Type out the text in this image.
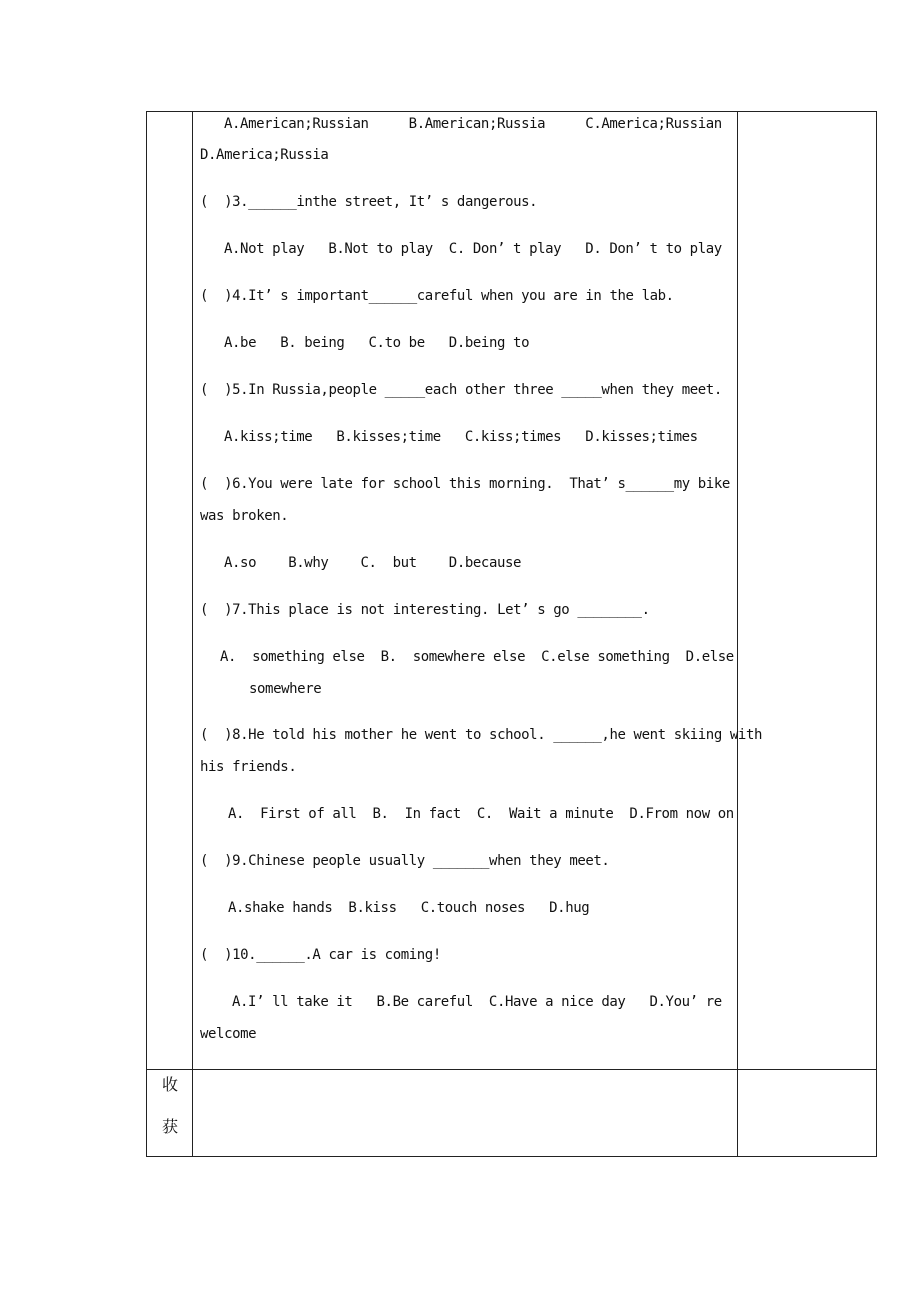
A.American;Russian     B.American;Russia     C.America;Russian
D.America;Russia
(  )3.______inthe street, It’ s dangerous.
A.Not play   B.Not to play  C. Don’ t play   D. Don’ t to play
(  )4.It’ s important______careful when you are in the lab.
A.be   B. being   C.to be   D.being to
(  )5.In Russia,people _____each other three _____when they meet.
A.kiss;time   B.kisses;time   C.kiss;times   D.kisses;times
(  )6.You were late for school this morning.  That’ s______my bike
was broken.
A.so    B.why    C.  but    D.because
(  )7.This place is not interesting. Let’ s go ________.
A.  something else  B.  somewhere else  C.else something  D.else
somewhere
(  )8.He told his mother he went to school. ______,he went skiing with
his friends.
A.  First of all  B.  In fact  C.  Wait a minute  D.From now on
(  )9.Chinese people usually _______when they meet.
A.shake hands  B.kiss   C.touch noses   D.hug
(  )10.______.A car is coming!
A.I’ ll take it   B.Be careful  C.Have a nice day   D.You’ re
welcome
收
获
